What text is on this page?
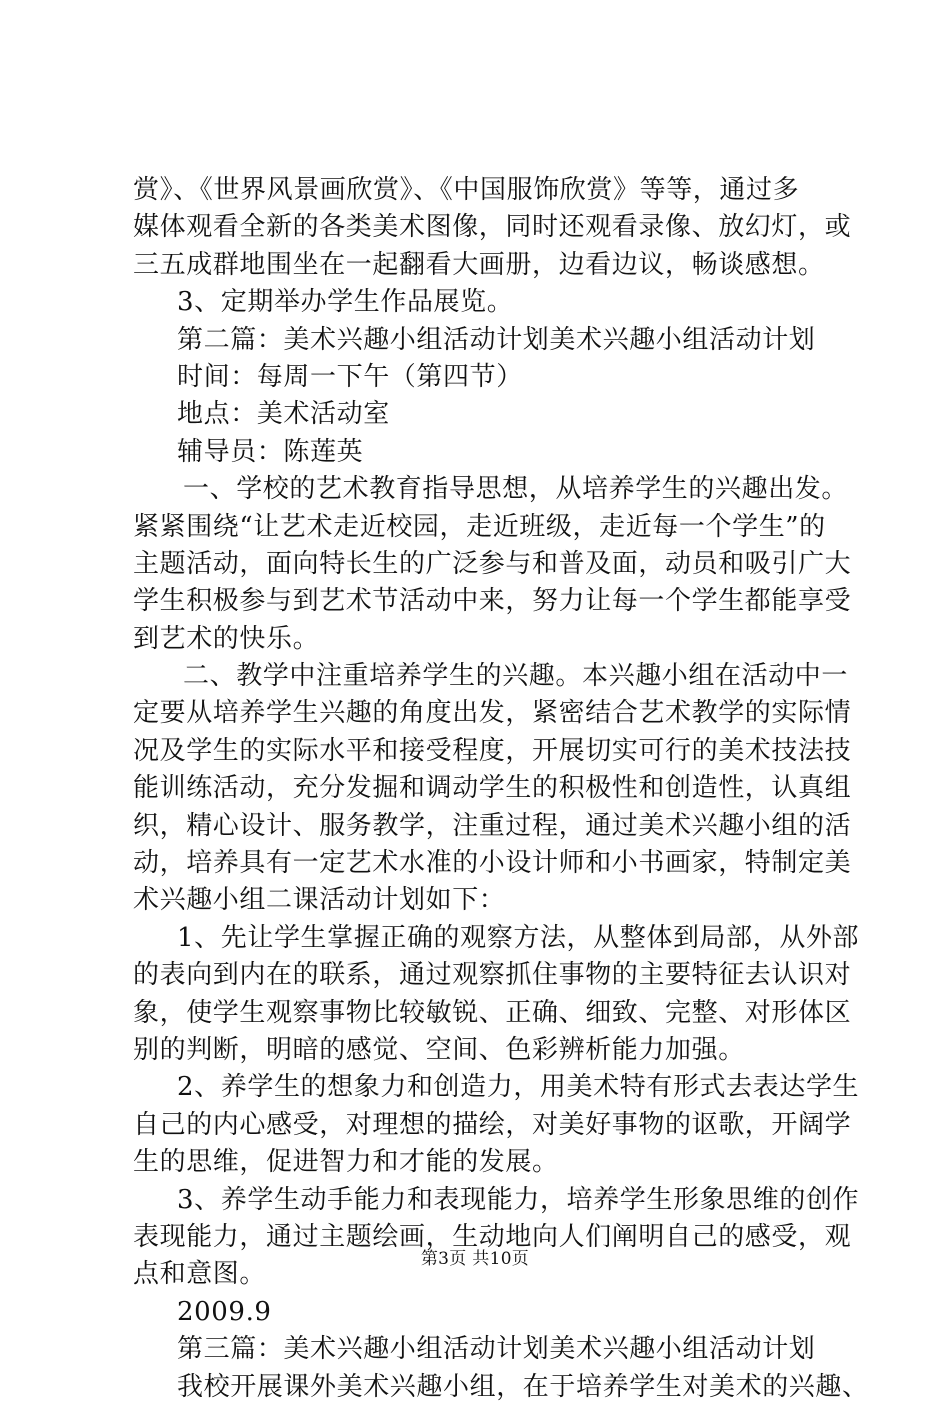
赏》、《世界风景画欣赏》、《中国服饰欣赏》等等，通过多
媒体观看全新的各类美术图像，同时还观看录像、放幻灯，或
三五成群地围坐在一起翻看大画册，边看边议，畅谈感想。
3、定期举办学生作品展览。
第二篇：美术兴趣小组活动计划美术兴趣小组活动计划
时间：每周一下午（第四节）
地点：美术活动室
辅导员：陈莲英
一、学校的艺术教育指导思想，从培养学生的兴趣出发。
紧紧围绕“让艺术走近校园，走近班级，走近每一个学生”的
主题活动，面向特长生的广泛参与和普及面，动员和吸引广大
学生积极参与到艺术节活动中来，努力让每一个学生都能享受
到艺术的快乐。
二、教学中注重培养学生的兴趣。本兴趣小组在活动中一
定要从培养学生兴趣的角度出发，紧密结合艺术教学的实际情
况及学生的实际水平和接受程度，开展切实可行的美术技法技
能训练活动，充分发掘和调动学生的积极性和创造性，认真组
织，精心设计、服务教学，注重过程，通过美术兴趣小组的活
动，培养具有一定艺术水准的小设计师和小书画家，特制定美
术兴趣小组二课活动计划如下：
1、先让学生掌握正确的观察方法，从整体到局部，从外部
的表向到内在的联系，通过观察抓住事物的主要特征去认识对
象，使学生观察事物比较敏锐、正确、细致、完整、对形体区
别的判断，明暗的感觉、空间、色彩辨析能力加强。
2、养学生的想象力和创造力，用美术特有形式去表达学生
自己的内心感受，对理想的描绘，对美好事物的讴歌，开阔学
生的思维，促进智力和才能的发展。
3、养学生动手能力和表现能力，培养学生形象思维的创作
表现能力，通过主题绘画，生动地向人们阐明自己的感受，观
点和意图。
2009.9
第三篇：美术兴趣小组活动计划美术兴趣小组活动计划
我校开展课外美术兴趣小组，在于培养学生对美术的兴趣、
第3页 共10页
